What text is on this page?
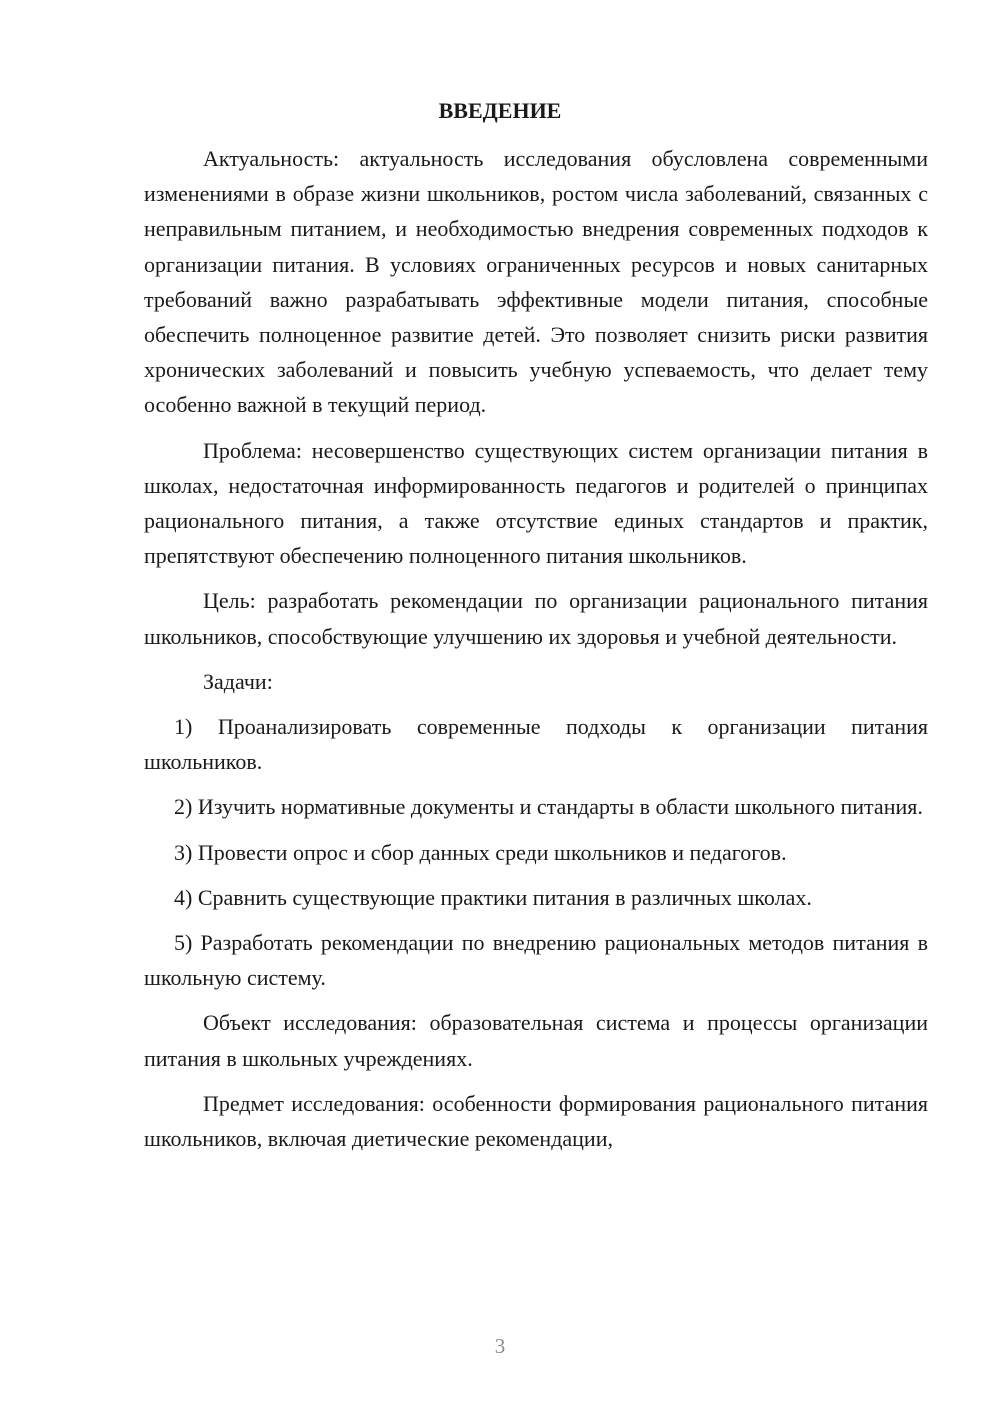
ВВЕДЕНИЕ

Актуальность: актуальность исследования обусловлена современными изменениями в образе жизни школьников, ростом числа заболеваний, связанных с неправильным питанием, и необходимостью внедрения современных подходов к организации питания. В условиях ограниченных ресурсов и новых санитарных требований важно разрабатывать эффективные модели питания, способные обеспечить полноценное развитие детей. Это позволяет снизить риски развития хронических заболеваний и повысить учебную успеваемость, что делает тему особенно важной в текущий период.

Проблема: несовершенство существующих систем организации питания в школах, недостаточная информированность педагогов и родителей о принципах рационального питания, а также отсутствие единых стандартов и практик, препятствуют обеспечению полноценного питания школьников.

Цель: разработать рекомендации по организации рационального питания школьников, способствующие улучшению их здоровья и учебной деятельности.

Задачи:

1) Проанализировать современные подходы к организации питания школьников.

2) Изучить нормативные документы и стандарты в области школьного питания.

3) Провести опрос и сбор данных среди школьников и педагогов.

4) Сравнить существующие практики питания в различных школах.

5) Разработать рекомендации по внедрению рациональных методов питания в школьную систему.

Объект исследования: образовательная система и процессы организации питания в школьных учреждениях.

Предмет исследования: особенности формирования рационального питания школьников, включая диетические рекомендации,

3
